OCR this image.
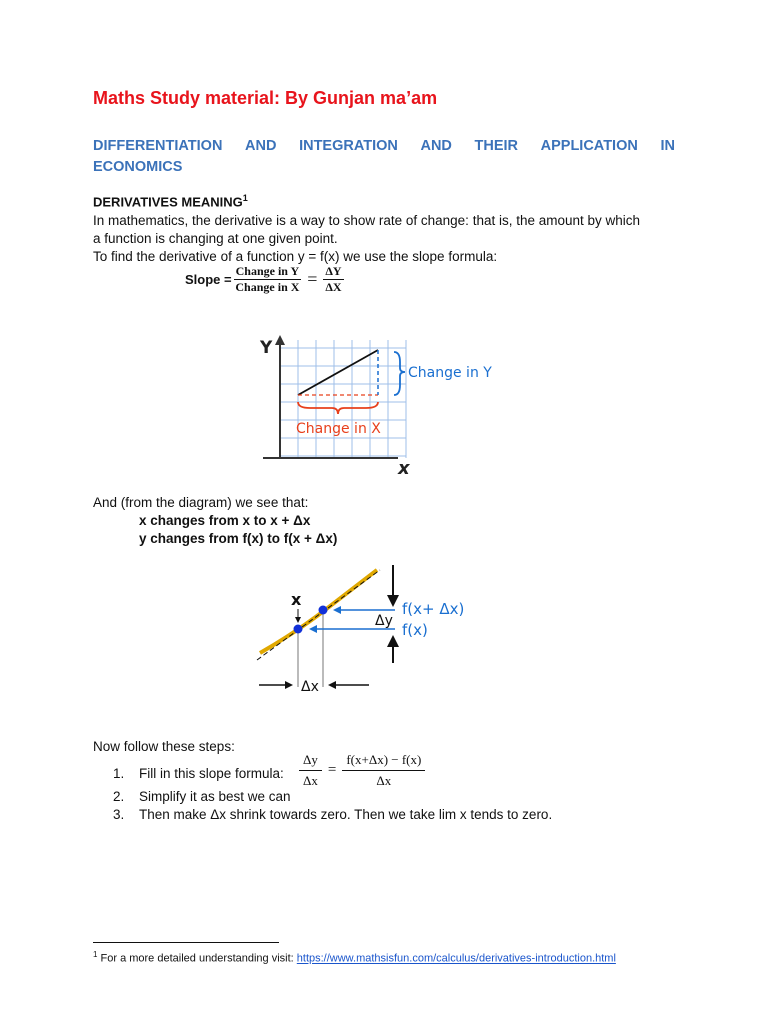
Maths Study material: By Gunjan ma’am
DIFFERENTIATION AND INTEGRATION AND THEIR APPLICATION IN
ECONOMICS
DERIVATIVES MEANING$^1$
In mathematics, the derivative is a way to show rate of change: that is, the amount by which
a function is changing at one given point.
To find the derivative of a function y = f(x) we use the slope formula:
Slope = $\frac{\text{Change in Y}}{\text{Change in X}} = \frac{\Delta Y}{\Delta X}$
Y
x
Change in Y
Change in X
And (from the diagram) we see that:
x changes from x to x + Δx
y changes from f(x) to f(x + Δx)
x	f(x+ Δx)
f(x)
Δy
Δx
Now follow these steps:
1. Fill in this slope formula:
2. Simplify it as best we can
3. Then make Δx shrink towards zero. Then we take lim x tends to zero.
$\frac{\Delta y}{\Delta x} = \frac{f(x+\Delta x) - f(x)}{\Delta x}$
$^1$ For a more detailed understanding visit: https://www.mathsisfun.com/calculus/derivatives-introduction.html
